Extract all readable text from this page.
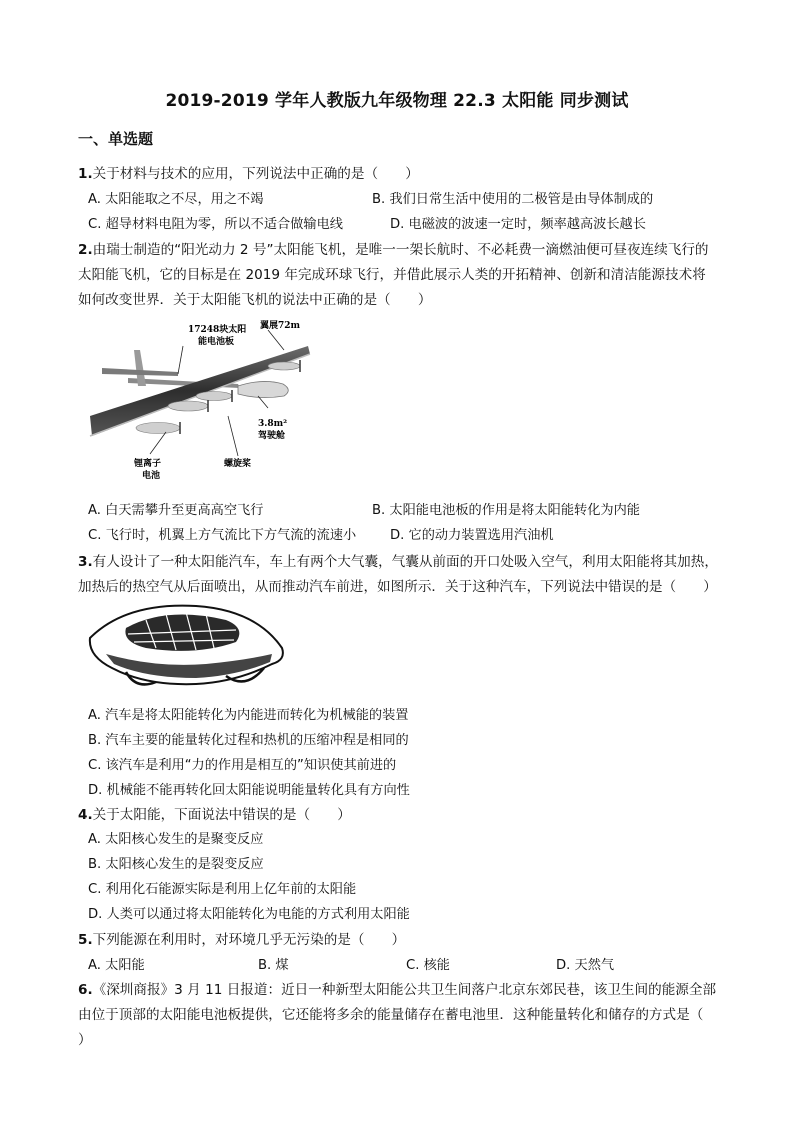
2019-2019 学年人教版九年级物理 22.3 太阳能 同步测试
一、单选题
1.关于材料与技术的应用，下列说法中正确的是（　　）
A. 太阳能取之不尽，用之不竭	B. 我们日常生活中使用的二极管是由导体制成的
C. 超导材料电阻为零，所以不适合做输电线	D. 电磁波的波速一定时，频率越高波长越长
2.由瑞士制造的“阳光动力 2 号”太阳能飞机，是唯一一架长航时、不必耗费一滴燃油便可昼夜连续飞行的
太阳能飞机，它的目标是在 2019 年完成环球飞行，并借此展示人类的开拓精神、创新和清洁能源技术将
如何改变世界．关于太阳能飞机的说法中正确的是（　　）
17248块太阳
能电池板
翼展72m
3.8m²
驾驶舱
锂离子
电池
螺旋桨
A. 白天需攀升至更高高空飞行	B. 太阳能电池板的作用是将太阳能转化为内能
C. 飞行时，机翼上方气流比下方气流的流速小	D. 它的动力装置选用汽油机
3.有人设计了一种太阳能汽车，车上有两个大气囊，气囊从前面的开口处吸入空气，利用太阳能将其加热，
加热后的热空气从后面喷出，从而推动汽车前进，如图所示．关于这种汽车，下列说法中错误的是（　　）
A. 汽车是将太阳能转化为内能进而转化为机械能的装置
B. 汽车主要的能量转化过程和热机的压缩冲程是相同的
C. 该汽车是利用“力的作用是相互的”知识使其前进的
D. 机械能不能再转化回太阳能说明能量转化具有方向性
4.关于太阳能，下面说法中错误的是（　　）
A. 太阳核心发生的是聚变反应
B. 太阳核心发生的是裂变反应
C. 利用化石能源实际是利用上亿年前的太阳能
D. 人类可以通过将太阳能转化为电能的方式利用太阳能
5.下列能源在利用时，对环境几乎无污染的是（　　）
A. 太阳能	B. 煤	C. 核能	D. 天然气
6.《深圳商报》3 月 11 日报道：近日一种新型太阳能公共卫生间落户北京东郊民巷，该卫生间的能源全部
由位于顶部的太阳能电池板提供，它还能将多余的能量储存在蓄电池里．这种能量转化和储存的方式是（
）
